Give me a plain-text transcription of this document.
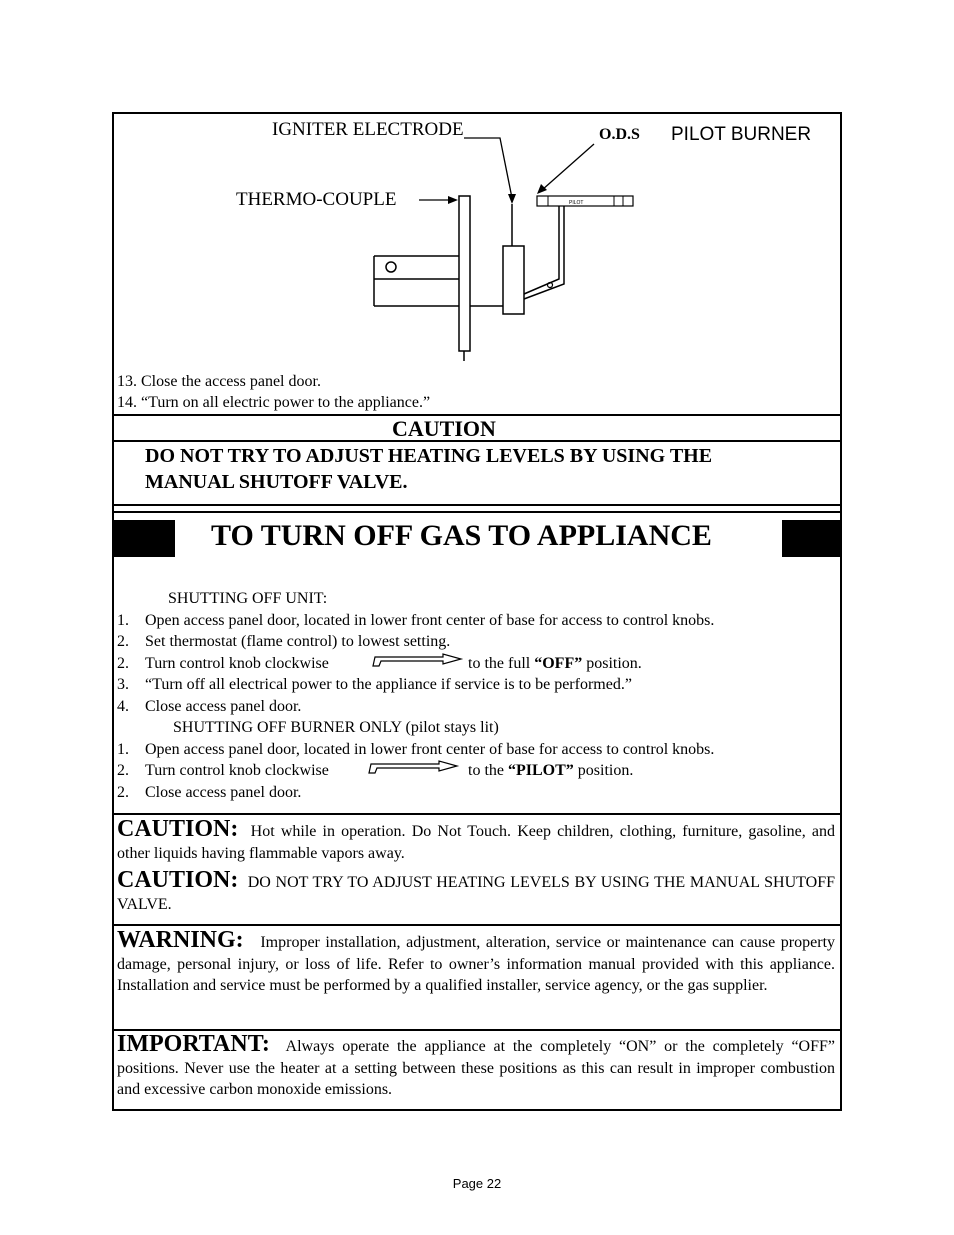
PILOT
IGNITER ELECTRODE	O.D.S PILOT BURNER
THERMO-COUPLE
13. Close the access panel door.
14. “Turn on all electric power to the appliance.”
CAUTION
DO NOT TRY TO ADJUST HEATING LEVELS BY USING THE
MANUAL SHUTOFF VALVE.
TO TURN OFF GAS TO APPLIANCE
SHUTTING OFF UNIT:
1. Open access panel door, located in lower front center of base for access to control knobs.
2. Set thermostat (flame control) to lowest setting.
2. Turn control knob clockwise	to the full “OFF” position.
3. “Turn off all electrical power to the appliance if service is to be performed.”
4. Close access panel door.
SHUTTING OFF BURNER ONLY (pilot stays lit)
1. Open access panel door, located in lower front center of base for access to control knobs.
2. Turn control knob clockwise	to the “PILOT” position.
2. Close access panel door.

CAUTION: Hot while in operation. Do Not Touch. Keep children, clothing, furniture, gasoline, and other liquids having flammable vapors away.

CAUTION: DO NOT TRY TO ADJUST HEATING LEVELS BY USING THE MANUAL SHUTOFF VALVE.

WARNING: Improper installation, adjustment, alteration, service or maintenance can cause property damage, personal injury, or loss of life. Refer to owner’s information manual provided with this appliance. Installation and service must be performed by a qualified installer, service agency, or the gas supplier.

IMPORTANT: Always operate the appliance at the completely “ON” or the completely “OFF” positions. Never use the heater at a setting between these positions as this can result in improper combustion and excessive carbon monoxide emissions.

Page 22
